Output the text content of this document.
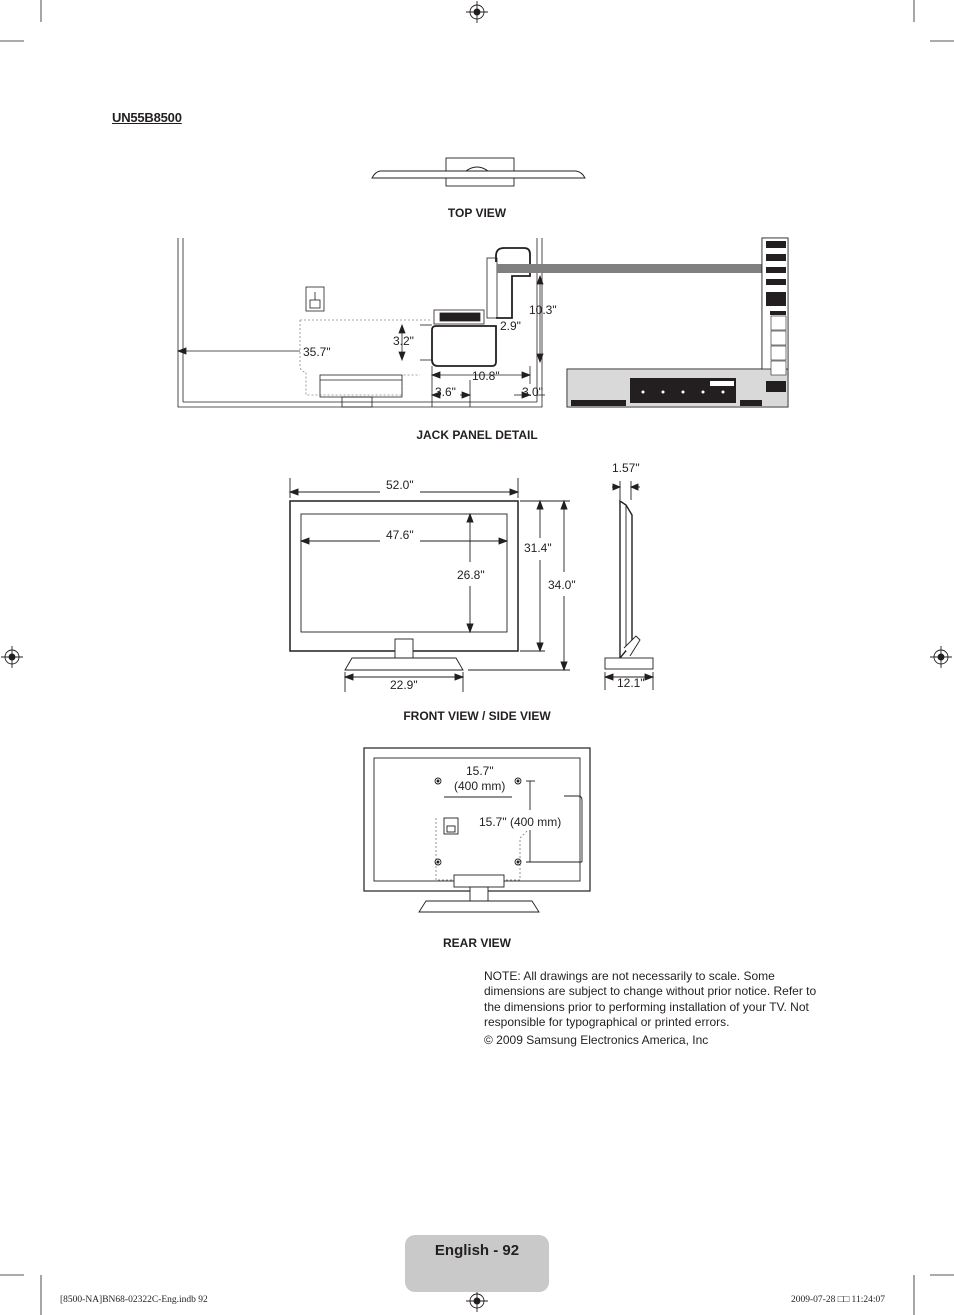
UN55B8500
TOP VIEW
35.7"
3.2"
2.9"
10.3"
10.8"
3.6"	3.0"
JACK PANEL DETAIL
52.0"
47.6"
26.8"
31.4"
34.0"
22.9"
1.57"
12.1"
FRONT VIEW / SIDE VIEW
15.7"
(400 mm)
15.7" (400 mm)
REAR VIEW
NOTE: All drawings are not necessarily to scale. Some dimensions are subject to change without prior notice. Refer to the dimensions prior to performing installation of your TV. Not responsible for typographical or printed errors.
© 2009 Samsung Electronics America, Inc
English - 92
[8500-NA]BN68-02322C-Eng.indb 92	2009-07-28 □□ 11:24:07
